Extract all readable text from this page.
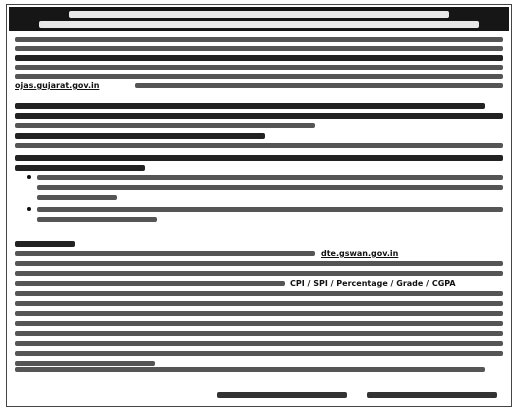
ojas.gujarat.gov.in
dte.gswan.gov.in
CPI / SPI / Percentage / Grade / CGPA
